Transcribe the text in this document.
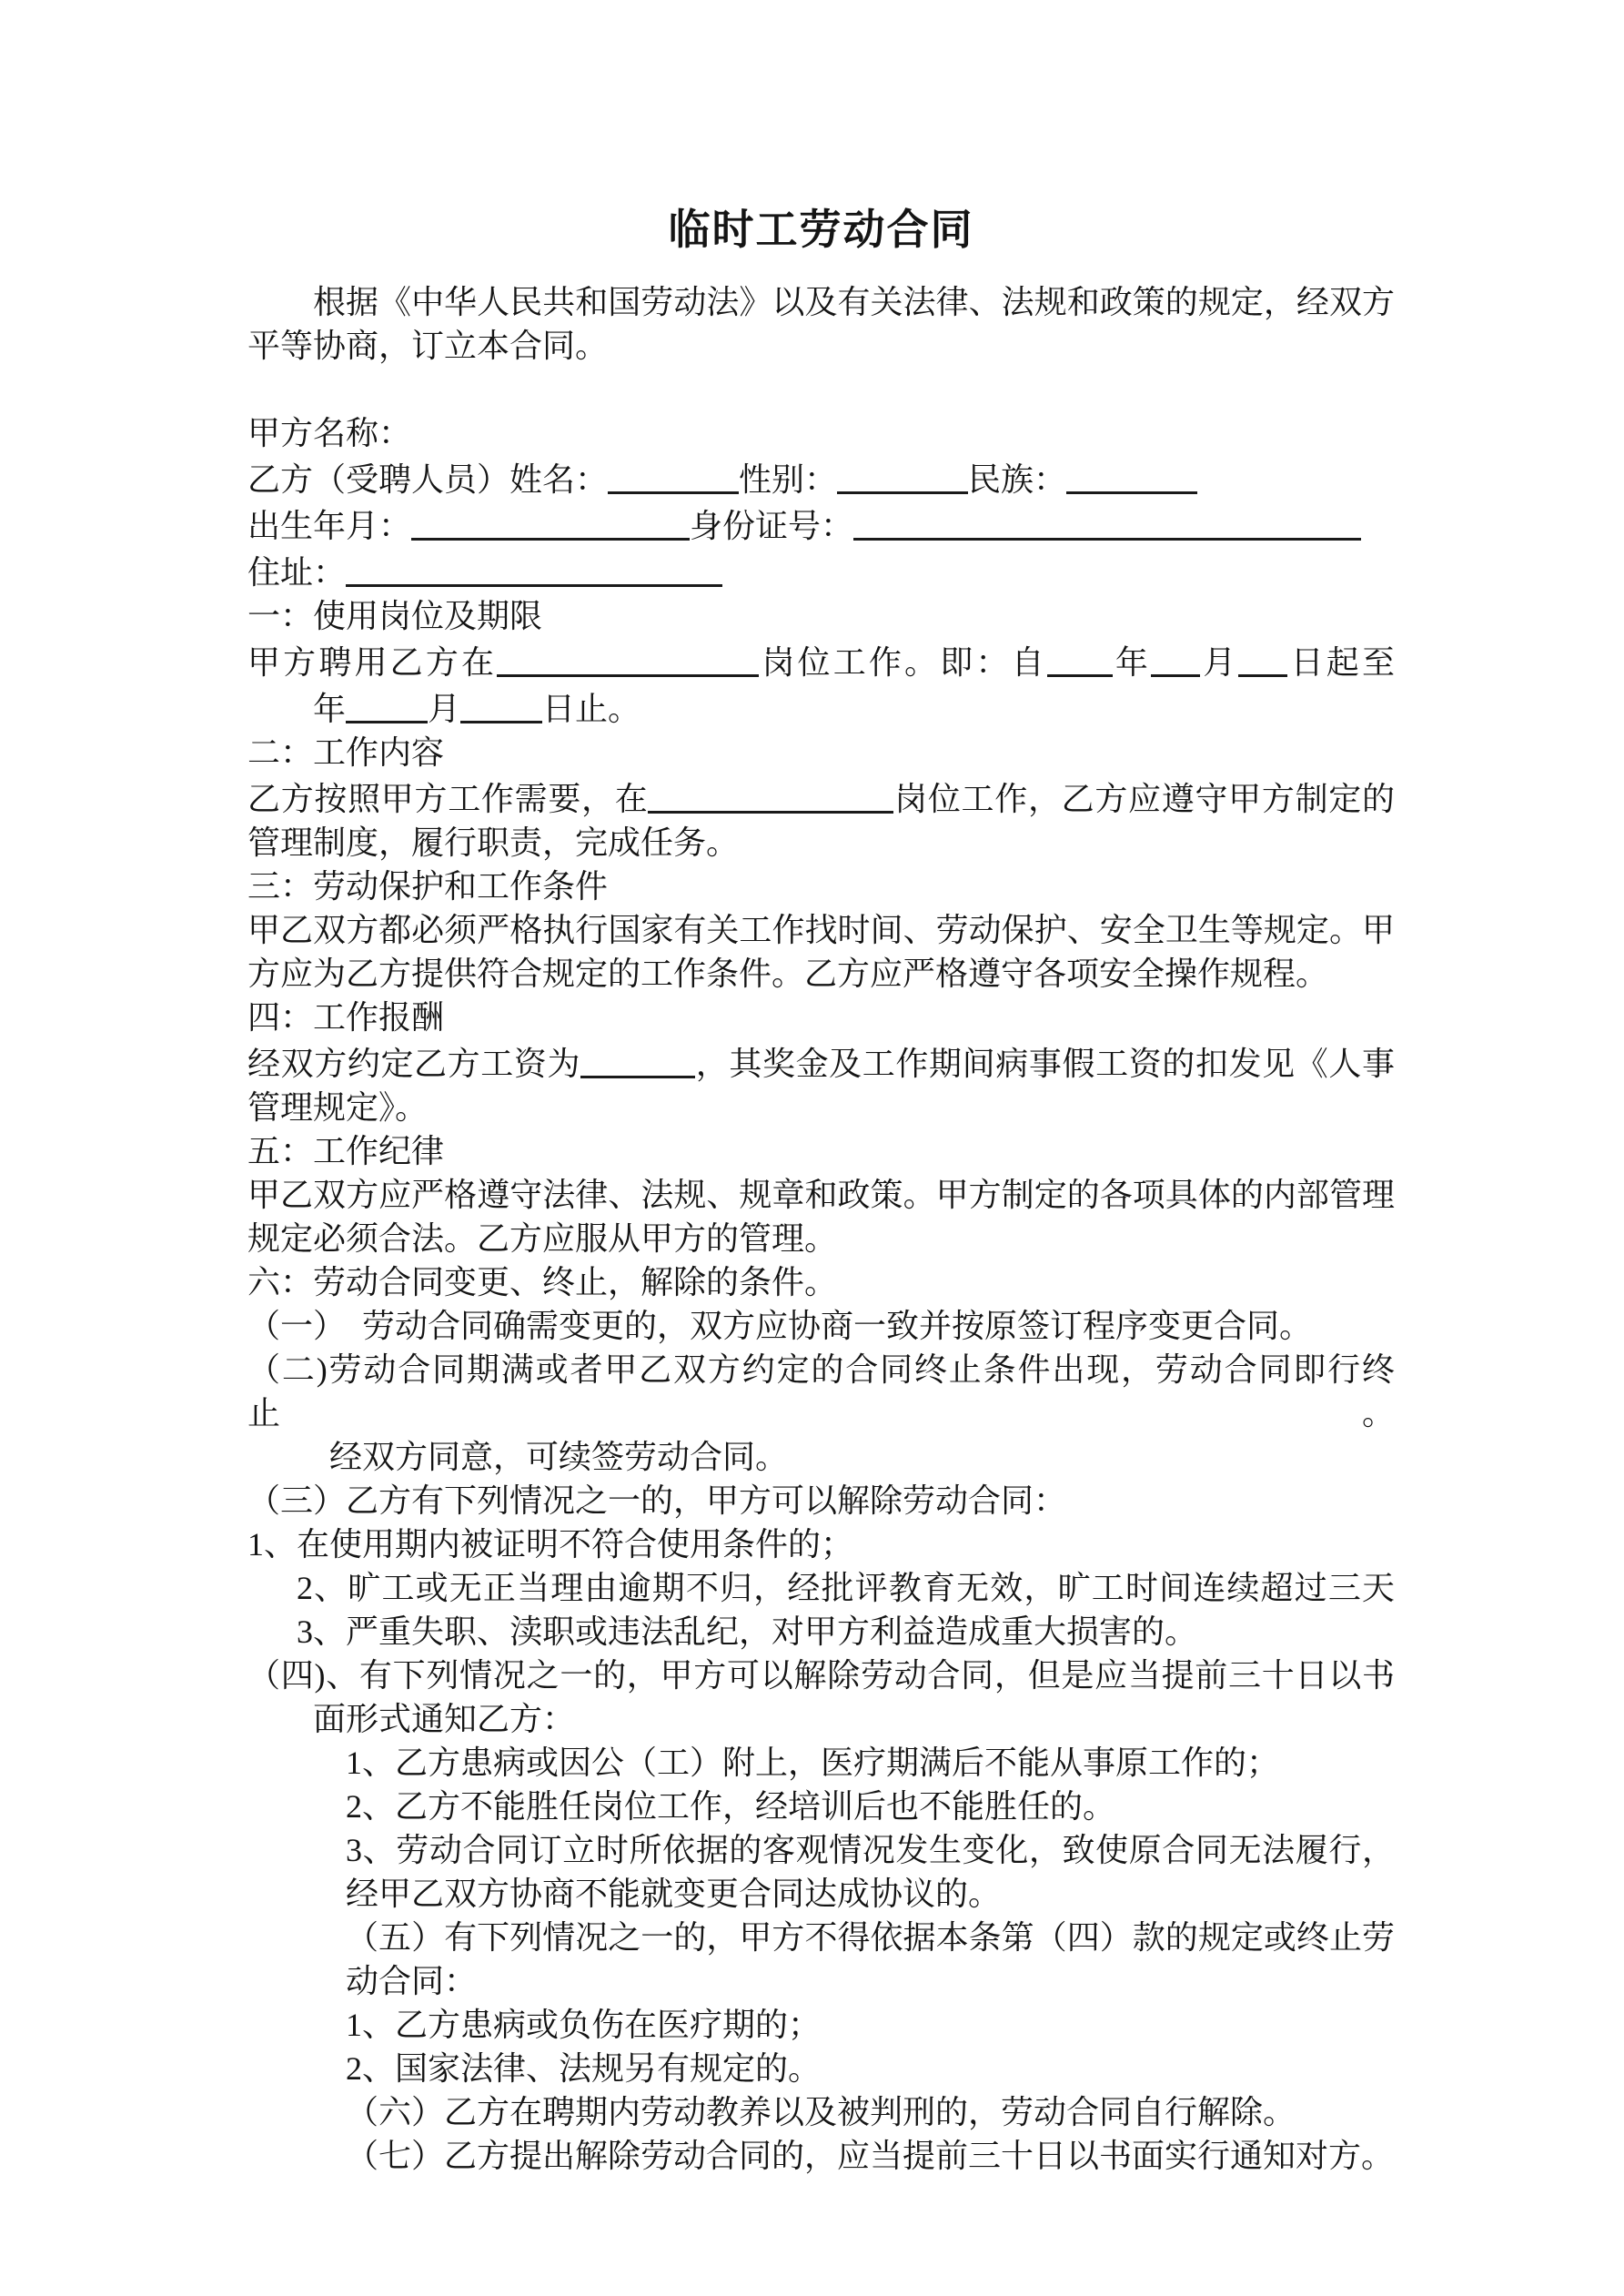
临时工劳动合同
根据《中华人民共和国劳动法》以及有关法律、法规和政策的规定，经双方
平等协商，订立本合同。

甲方名称：
乙方（受聘人员）姓名：	性别：	民族：
出生年月：	身份证号：
住址：
一：使用岗位及期限
甲方聘用乙方在	岗位工作。即：自 年 月 日起至
年	月	日止。
二：工作内容
乙方按照甲方工作需要，在	岗位工作，乙方应遵守甲方制定的
管理制度，履行职责，完成任务。
三：劳动保护和工作条件
甲乙双方都必须严格执行国家有关工作找时间、劳动保护、安全卫生等规定。甲
方应为乙方提供符合规定的工作条件。乙方应严格遵守各项安全操作规程。
四：工作报酬
经双方约定乙方工资为	，其奖金及工作期间病事假工资的扣发见《人事
管理规定》。
五：工作纪律
甲乙双方应严格遵守法律、法规、规章和政策。甲方制定的各项具体的内部管理
规定必须合法。乙方应服从甲方的管理。
六：劳动合同变更、终止，解除的条件。
（一）　劳动合同确需变更的，双方应协商一致并按原签订程序变更合同。
（二)劳动合同期满或者甲乙双方约定的合同终止条件出现，劳动合同即行终止。
经双方同意，可续签劳动合同。
（三）乙方有下列情况之一的，甲方可以解除劳动合同：
1、在使用期内被证明不符合使用条件的；
2、旷工或无正当理由逾期不归，经批评教育无效，旷工时间连续超过三天
3、严重失职、渎职或违法乱纪，对甲方利益造成重大损害的。
（四)、有下列情况之一的，甲方可以解除劳动合同，但是应当提前三十日以书
面形式通知乙方：
1、乙方患病或因公（工）附上，医疗期满后不能从事原工作的；
2、乙方不能胜任岗位工作，经培训后也不能胜任的。
3、劳动合同订立时所依据的客观情况发生变化，致使原合同无法履行，
经甲乙双方协商不能就变更合同达成协议的。
（五）有下列情况之一的，甲方不得依据本条第（四）款的规定或终止劳
动合同：
1、乙方患病或负伤在医疗期的；
2、国家法律、法规另有规定的。
（六）乙方在聘期内劳动教养以及被判刑的，劳动合同自行解除。
（七）乙方提出解除劳动合同的，应当提前三十日以书面实行通知对方。
